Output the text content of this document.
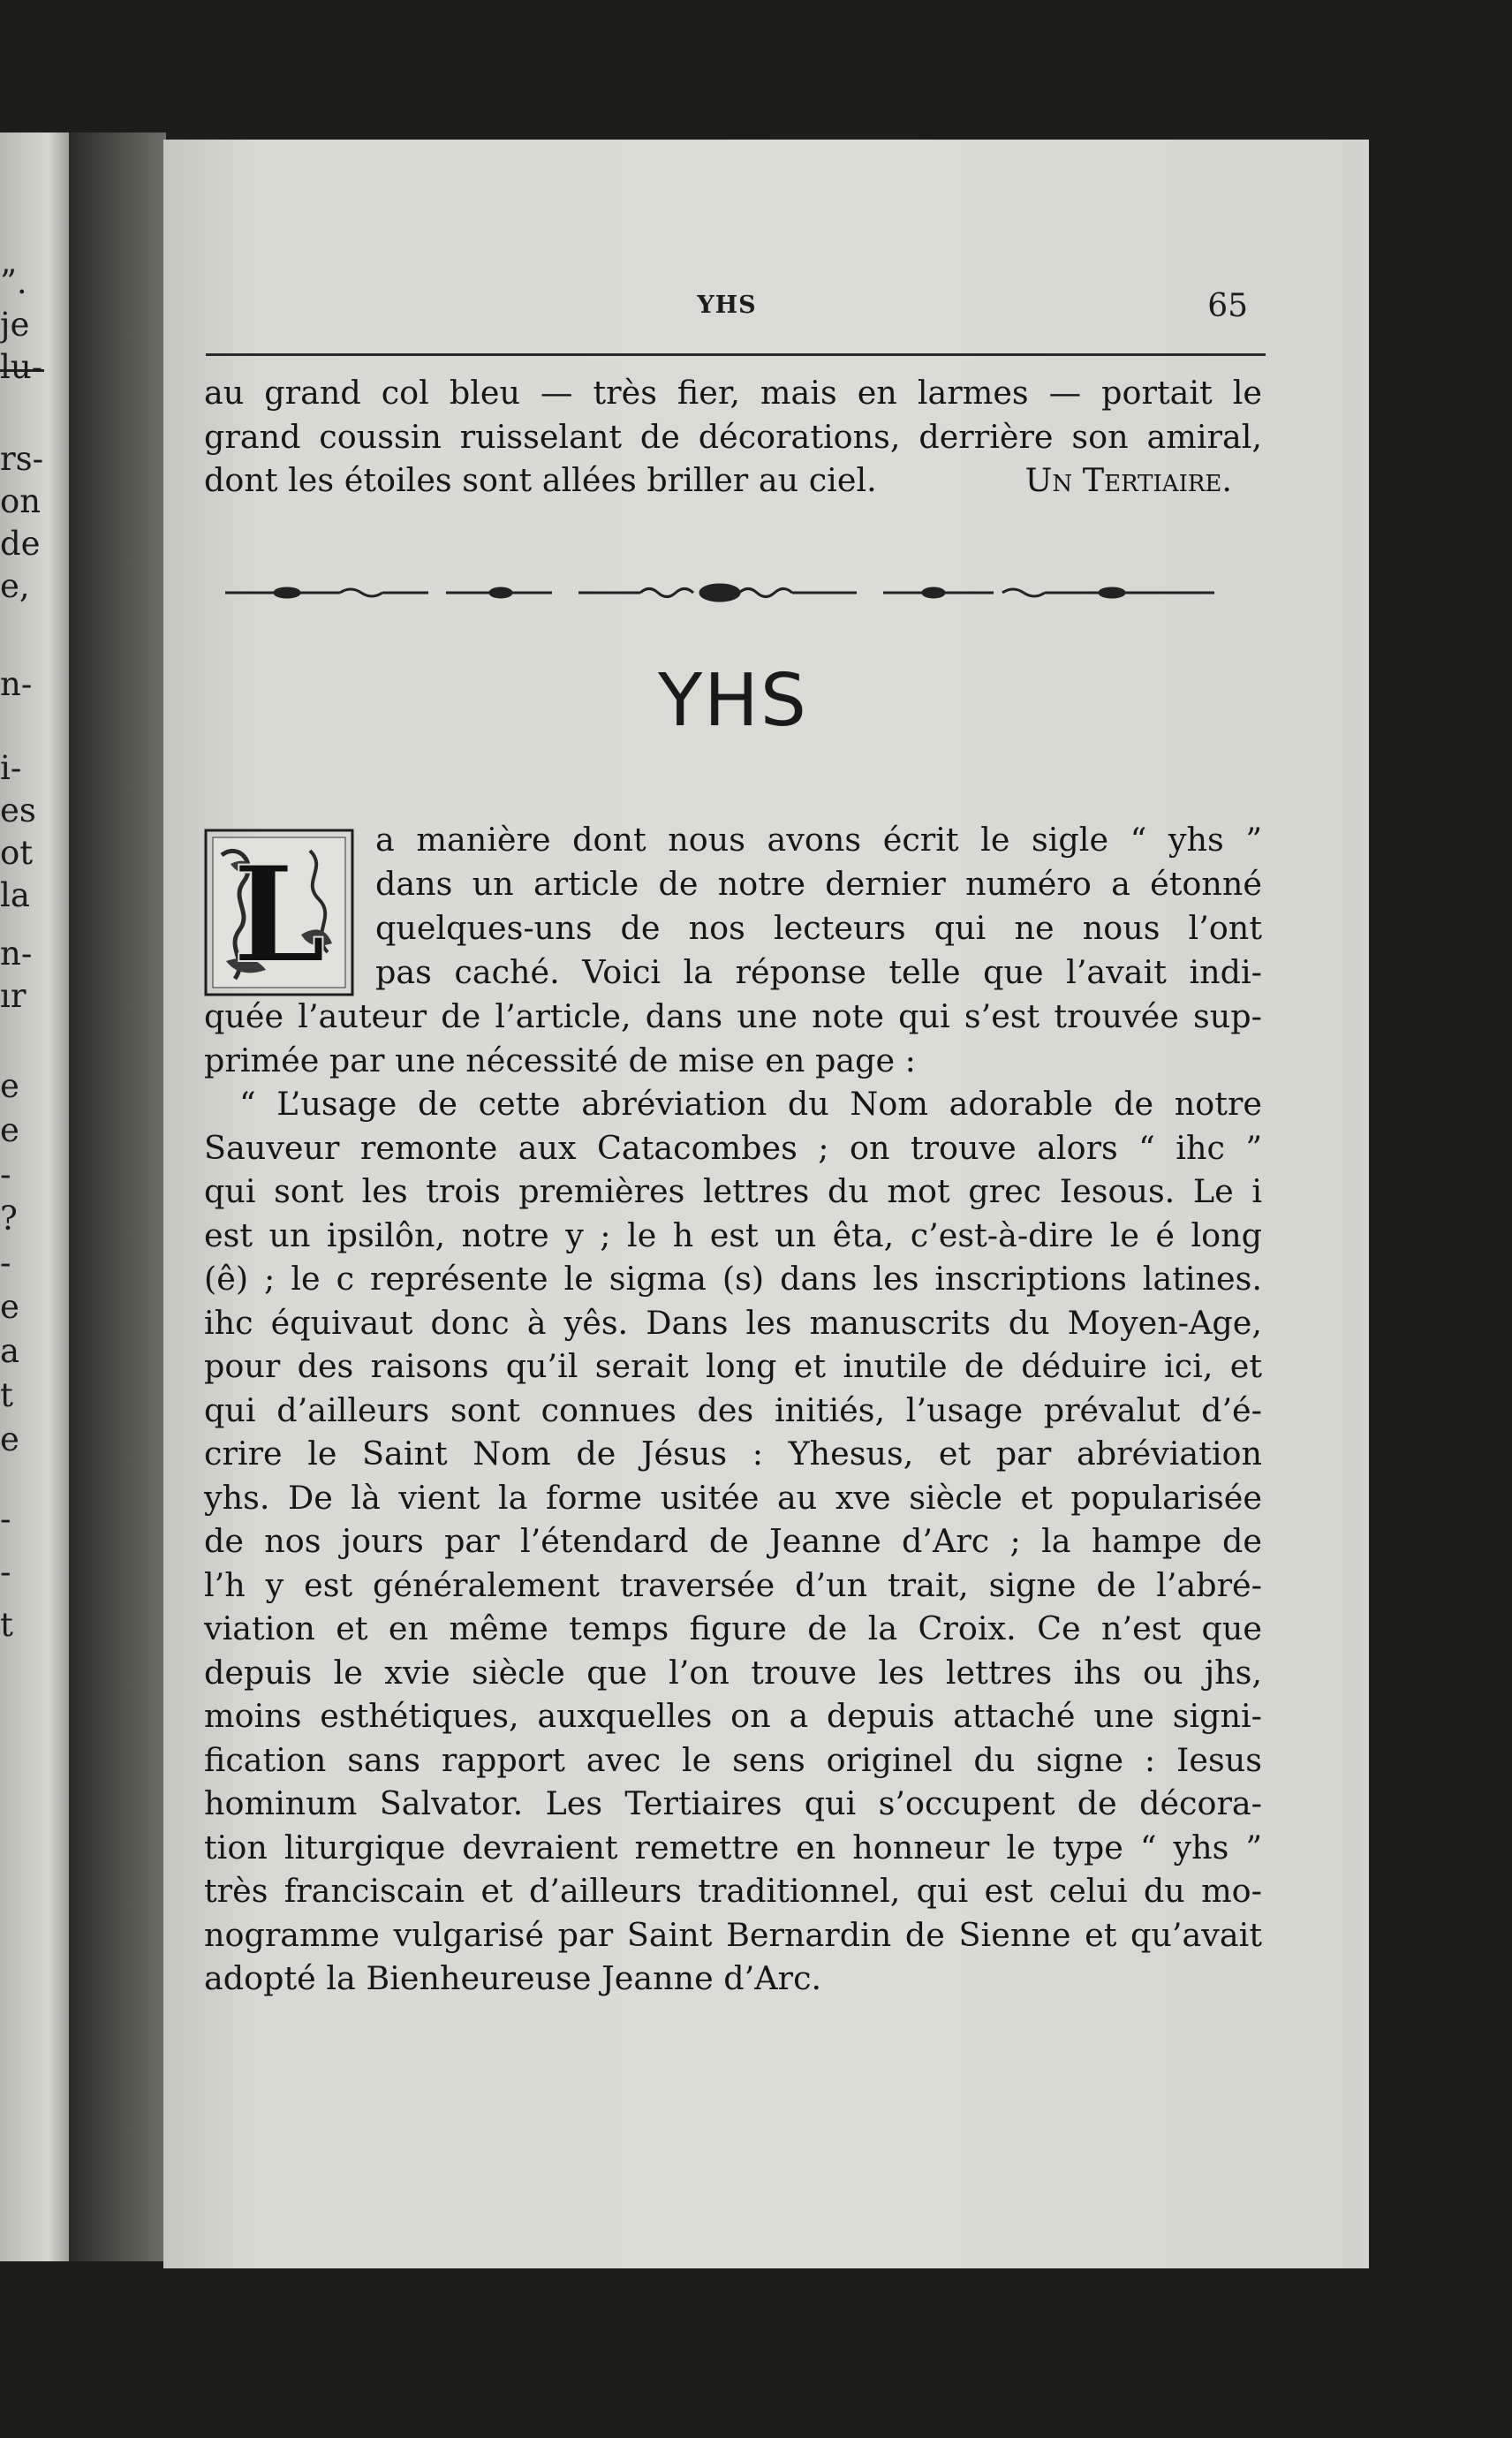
”.
je
lu-
rs-
on
de
e,
n-
i-
es
ot
la
n-
ır
e
e
-
?
-
e
a
t
e
-
-
t
YHS	65
au grand col bleu — très fier, mais en larmes — portait le
grand coussin ruisselant de décorations, derrière son amiral,
dont les étoiles sont allées briller au ciel.	Un Tertiaire.
YHS
L a manière dont nous avons écrit le sigle “ yhs ”
dans un article de notre dernier numéro a étonné
quelques-uns de nos lecteurs qui ne nous l’ont
pas caché. Voici la réponse telle que l’avait indi-
quée l’auteur de l’article, dans une note qui s’est trouvée sup-
primée par une nécessité de mise en page :
“ L’usage de cette abréviation du Nom adorable de notre
Sauveur remonte aux Catacombes ; on trouve alors “ ihc ”
qui sont les trois premières lettres du mot grec Iesous. Le i
est un ipsilôn, notre y ; le h est un êta, c’est-à-dire le é long
(ê) ; le c représente le sigma (s) dans les inscriptions latines.
ihc équivaut donc à yês. Dans les manuscrits du Moyen-Age,
pour des raisons qu’il serait long et inutile de déduire ici, et
qui d’ailleurs sont connues des initiés, l’usage prévalut d’é-
crire le Saint Nom de Jésus : Yhesus, et par abréviation
yhs. De là vient la forme usitée au xve siècle et popularisée
de nos jours par l’étendard de Jeanne d’Arc ; la hampe de
l’h y est généralement traversée d’un trait, signe de l’abré-
viation et en même temps figure de la Croix. Ce n’est que
depuis le xvie siècle que l’on trouve les lettres ihs ou jhs,
moins esthétiques, auxquelles on a depuis attaché une signi-
fication sans rapport avec le sens originel du signe : Iesus
hominum Salvator. Les Tertiaires qui s’occupent de décora-
tion liturgique devraient remettre en honneur le type “ yhs ”
très franciscain et d’ailleurs traditionnel, qui est celui du mo-
nogramme vulgarisé par Saint Bernardin de Sienne et qu’avait
adopté la Bienheureuse Jeanne d’Arc.
